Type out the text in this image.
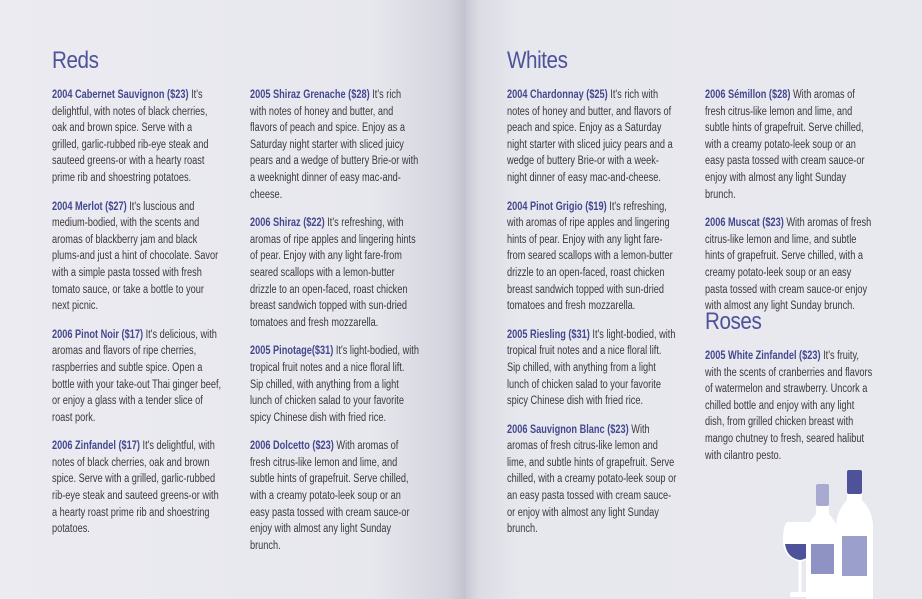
Reds
2004 Cabernet Sauvignon ($23) It's delightful, with notes of black cherries, oak and brown spice. Serve with a grilled, garlic-rubbed rib-eye steak and sauteed greens-or with a hearty roast prime rib and shoestring potatoes.
2004 Merlot ($27) It's luscious and medium-bodied, with the scents and aromas of blackberry jam and black plums-and just a hint of chocolate. Savor with a simple pasta tossed with fresh tomato sauce, or take a bottle to your next picnic.
2006 Pinot Noir ($17) It's delicious, with aromas and flavors of ripe cherries, raspberries and subtle spice. Open a bottle with your take-out Thai ginger beef, or enjoy a glass with a tender slice of roast pork.
2006 Zinfandel ($17) It's delightful, with notes of black cherries, oak and brown spice. Serve with a grilled, garlic-rubbed rib-eye steak and sauteed greens-or with a hearty roast prime rib and shoestring potatoes.
2005 Shiraz Grenache ($28) It's rich with notes of honey and butter, and flavors of peach and spice. Enjoy as a Saturday night starter with sliced juicy pears and a wedge of buttery Brie-or with a weeknight dinner of easy mac-and-cheese.
2006 Shiraz ($22) It's refreshing, with aromas of ripe apples and lingering hints of pear. Enjoy with any light fare-from seared scallops with a lemon-butter drizzle to an open-faced, roast chicken breast sandwich topped with sun-dried tomatoes and fresh mozzarella.
2005 Pinotage($31) It's light-bodied, with tropical fruit notes and a nice floral lift. Sip chilled, with anything from a light lunch of chicken salad to your favorite spicy Chinese dish with fried rice.
2006 Dolcetto ($23) With aromas of fresh citrus-like lemon and lime, and subtle hints of grapefruit. Serve chilled, with a creamy potato-leek soup or an easy pasta tossed with cream sauce-or enjoy with almost any light Sunday brunch.
Whites
2004 Chardonnay ($25) It's rich with notes of honey and butter, and flavors of peach and spice. Enjoy as a Saturday night starter with sliced juicy pears and a wedge of buttery Brie-or with a week-night dinner of easy mac-and-cheese.
2004 Pinot Grigio ($19) It's refreshing, with aromas of ripe apples and lingering hints of pear. Enjoy with any light fare-from seared scallops with a lemon-butter drizzle to an open-faced, roast chicken breast sandwich topped with sun-dried tomatoes and fresh mozzarella.
2005 Riesling ($31) It's light-bodied, with tropical fruit notes and a nice floral lift. Sip chilled, with anything from a light lunch of chicken salad to your favorite spicy Chinese dish with fried rice.
2006 Sauvignon Blanc ($23) With aromas of fresh citrus-like lemon and lime, and subtle hints of grapefruit. Serve chilled, with a creamy potato-leek soup or an easy pasta tossed with cream sauce-or enjoy with almost any light Sunday brunch.
2006 Sémillon ($28) With aromas of fresh citrus-like lemon and lime, and subtle hints of grapefruit. Serve chilled, with a creamy potato-leek soup or an easy pasta tossed with cream sauce-or enjoy with almost any light Sunday brunch.
2006 Muscat ($23) With aromas of fresh citrus-like lemon and lime, and subtle hints of grapefruit. Serve chilled, with a creamy potato-leek soup or an easy pasta tossed with cream sauce-or enjoy with almost any light Sunday brunch.
Roses
2005 White Zinfandel ($23) It's fruity, with the scents of cranberries and flavors of watermelon and strawberry. Uncork a chilled bottle and enjoy with any light dish, from grilled chicken breast with mango chutney to fresh, seared halibut with cilantro pesto.
